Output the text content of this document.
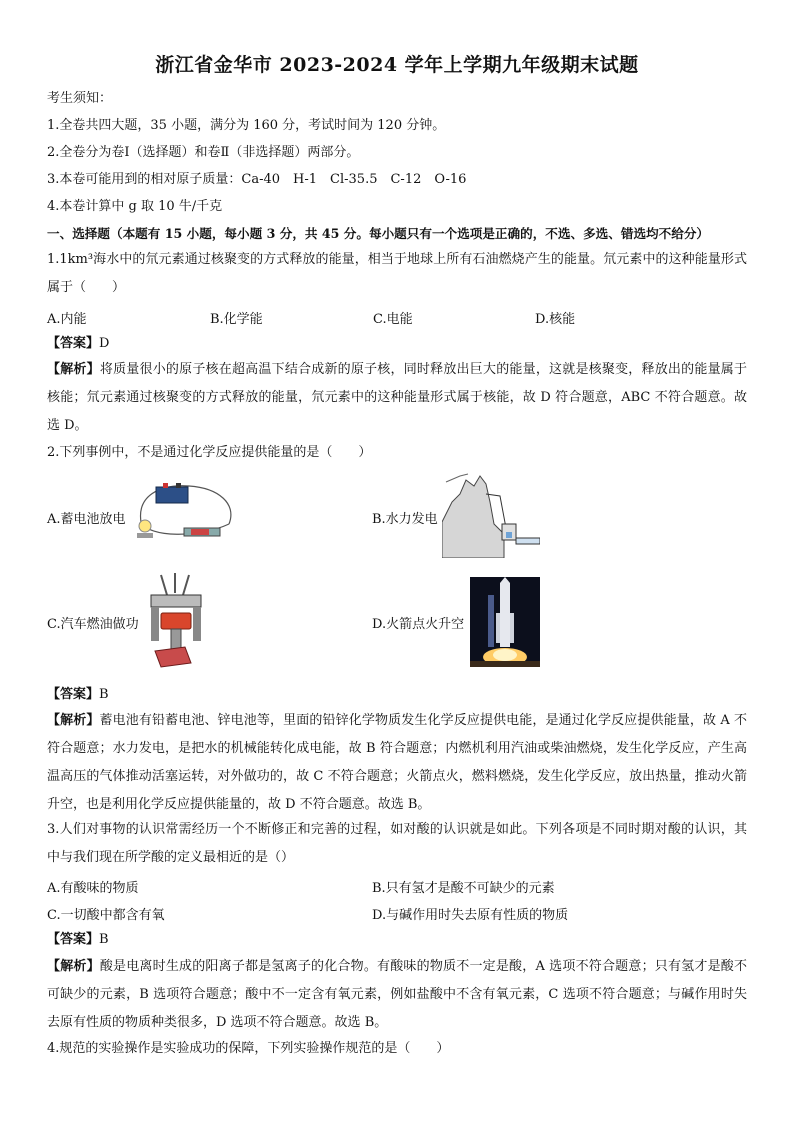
浙江省金华市 2023-2024 学年上学期九年级期末试题
考生须知：
1.全卷共四大题，35 小题，满分为 160 分，考试时间为 120 分钟。
2.全卷分为卷Ⅰ（选择题）和卷Ⅱ（非选择题）两部分。
3.本卷可能用到的相对原子质量：Ca-40　H-1　Cl-35.5　C-12　O-16
4.本卷计算中 g 取 10 牛/千克
一、选择题（本题有 15 小题，每小题 3 分，共 45 分。每小题只有一个选项是正确的，不选、多选、错选均不给分）
1.1km³海水中的氘元素通过核聚变的方式释放的能量，相当于地球上所有石油燃烧产生的能量。氘元素中的这种能量形式属于（　　）
A.内能	B.化学能	C.电能	D.核能
【答案】D
【解析】将质量很小的原子核在超高温下结合成新的原子核，同时释放出巨大的能量，这就是核聚变，释放出的能量属于核能；氘元素通过核聚变的方式释放的能量，氘元素中的这种能量形式属于核能，故 D 符合题意，ABC 不符合题意。故选 D。
2.下列事例中，不是通过化学反应提供能量的是（　　）
A.蓄电池放电	B.水力发电
C.汽车燃油做功	D.火箭点火升空
【答案】B
【解析】蓄电池有铅蓄电池、锌电池等，里面的铅锌化学物质发生化学反应提供电能，是通过化学反应提供能量，故 A 不符合题意；水力发电，是把水的机械能转化成电能，故 B 符合题意；内燃机利用汽油或柴油燃烧，发生化学反应，产生高温高压的气体推动活塞运转，对外做功的，故 C 不符合题意；火箭点火，燃料燃烧，发生化学反应，放出热量，推动火箭升空，也是利用化学反应提供能量的，故 D 不符合题意。故选 B。
3.人们对事物的认识常需经历一个不断修正和完善的过程，如对酸的认识就是如此。下列各项是不同时期对酸的认识，其中与我们现在所学酸的定义最相近的是（）
A.有酸味的物质	B.只有氢才是酸不可缺少的元素
C.一切酸中都含有氧	D.与碱作用时失去原有性质的物质
【答案】B
【解析】酸是电离时生成的阳离子都是氢离子的化合物。有酸味的物质不一定是酸，A 选项不符合题意；只有氢才是酸不可缺少的元素，B 选项符合题意；酸中不一定含有氧元素，例如盐酸中不含有氧元素，C 选项不符合题意；与碱作用时失去原有性质的物质种类很多，D 选项不符合题意。故选 B。
4.规范的实验操作是实验成功的保障，下列实验操作规范的是（　　）
